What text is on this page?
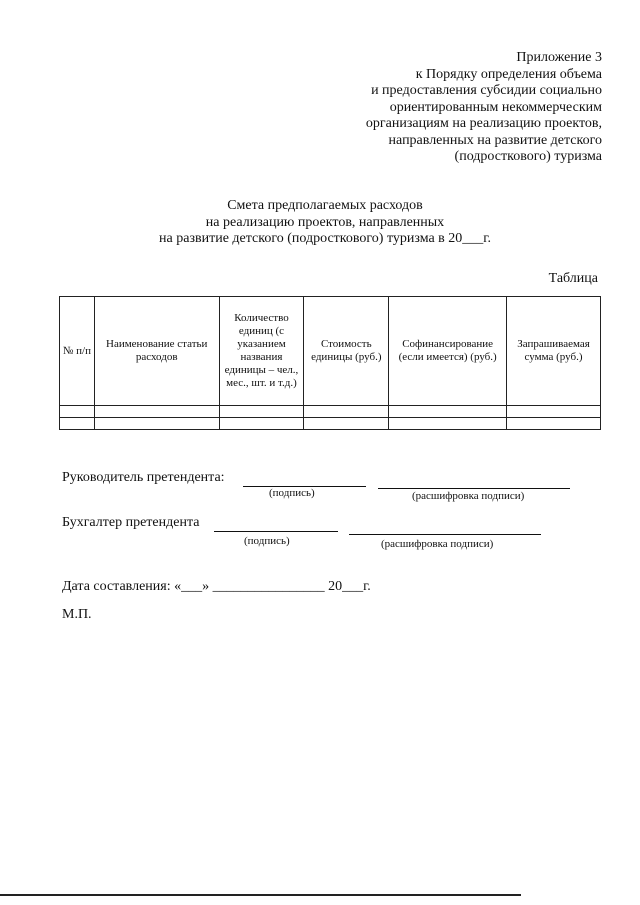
Приложение 3
к Порядку определения объема
и предоставления субсидии социально
ориентированным некоммерческим
организациям на реализацию проектов,
направленных на развитие детского
(подросткового) туризма
Смета предполагаемых расходов
на реализацию проектов, направленных
на развитие детского (подросткового) туризма в 20___г.
Таблица
№ п/п	Наименование статьи расходов	Количество единиц (с указанием названия единицы – чел., мес., шт. и т.д.)	Стоимость единицы (руб.)	Софинансирование (если имеется) (руб.)	Запрашиваемая сумма (руб.)

Руководитель претендента:
(подпись)	(расшифровка подписи)
Бухгалтер претендента
(подпись)	(расшифровка подписи)
Дата составления: «___» ________________ 20___г.
М.П.
